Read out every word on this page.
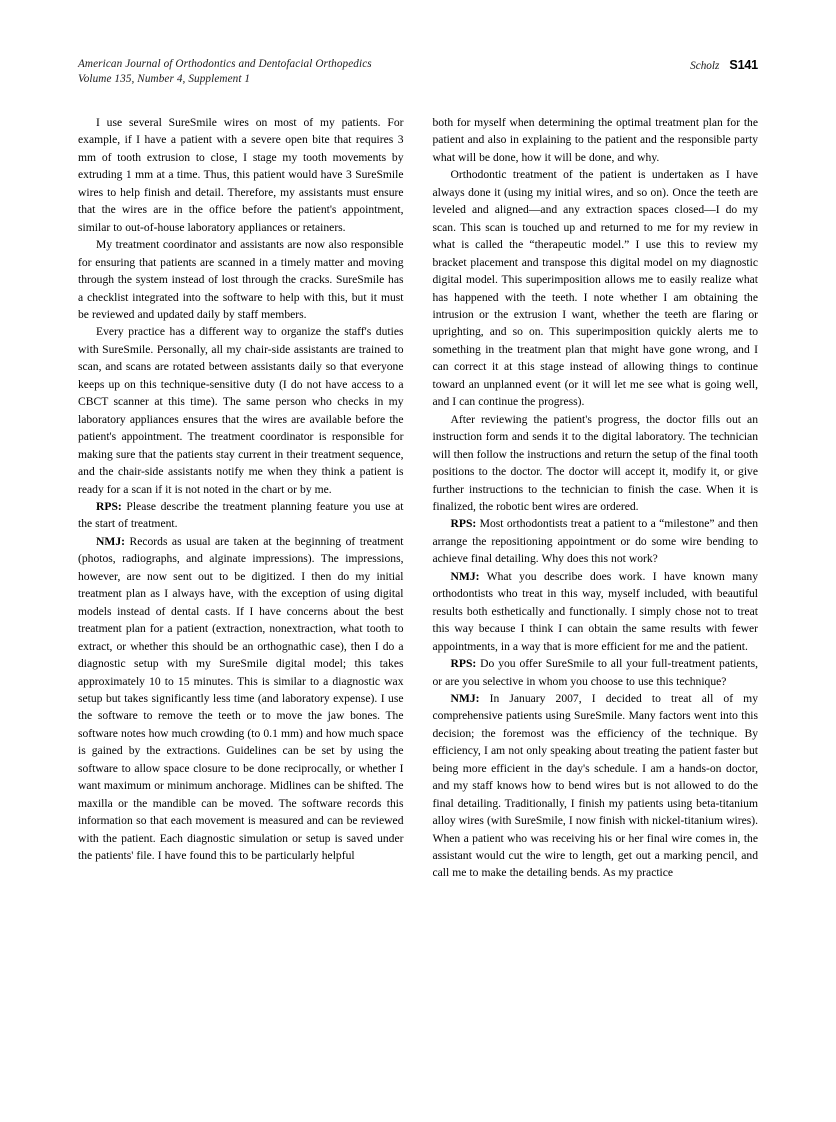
American Journal of Orthodontics and Dentofacial Orthopedics
Volume 135, Number 4, Supplement 1
Scholz S141

I use several SureSmile wires on most of my patients. For example, if I have a patient with a severe open bite that requires 3 mm of tooth extrusion to close, I stage my tooth movements by extruding 1 mm at a time. Thus, this patient would have 3 SureSmile wires to help finish and detail. Therefore, my assistants must ensure that the wires are in the office before the patient's appointment, similar to out-of-house laboratory appliances or retainers.

My treatment coordinator and assistants are now also responsible for ensuring that patients are scanned in a timely matter and moving through the system instead of lost through the cracks. SureSmile has a checklist integrated into the software to help with this, but it must be reviewed and updated daily by staff members.

Every practice has a different way to organize the staff's duties with SureSmile. Personally, all my chair-side assistants are trained to scan, and scans are rotated between assistants daily so that everyone keeps up on this technique-sensitive duty (I do not have access to a CBCT scanner at this time). The same person who checks in my laboratory appliances ensures that the wires are available before the patient's appointment. The treatment coordinator is responsible for making sure that the patients stay current in their treatment sequence, and the chair-side assistants notify me when they think a patient is ready for a scan if it is not noted in the chart or by me.

RPS: Please describe the treatment planning feature you use at the start of treatment.

NMJ: Records as usual are taken at the beginning of treatment (photos, radiographs, and alginate impressions). The impressions, however, are now sent out to be digitized. I then do my initial treatment plan as I always have, with the exception of using digital models instead of dental casts. If I have concerns about the best treatment plan for a patient (extraction, nonextraction, what tooth to extract, or whether this should be an orthognathic case), then I do a diagnostic setup with my SureSmile digital model; this takes approximately 10 to 15 minutes. This is similar to a diagnostic wax setup but takes significantly less time (and laboratory expense). I use the software to remove the teeth or to move the jaw bones. The software notes how much crowding (to 0.1 mm) and how much space is gained by the extractions. Guidelines can be set by using the software to allow space closure to be done reciprocally, or whether I want maximum or minimum anchorage. Midlines can be shifted. The maxilla or the mandible can be moved. The software records this information so that each movement is measured and can be reviewed with the patient. Each diagnostic simulation or setup is saved under the patients' file. I have found this to be particularly helpful

both for myself when determining the optimal treatment plan for the patient and also in explaining to the patient and the responsible party what will be done, how it will be done, and why.

Orthodontic treatment of the patient is undertaken as I have always done it (using my initial wires, and so on). Once the teeth are leveled and aligned—and any extraction spaces closed—I do my scan. This scan is touched up and returned to me for my review in what is called the “therapeutic model.” I use this to review my bracket placement and transpose this digital model on my diagnostic digital model. This superimposition allows me to easily realize what has happened with the teeth. I note whether I am obtaining the intrusion or the extrusion I want, whether the teeth are flaring or uprighting, and so on. This superimposition quickly alerts me to something in the treatment plan that might have gone wrong, and I can correct it at this stage instead of allowing things to continue toward an unplanned event (or it will let me see what is going well, and I can continue the progress).

After reviewing the patient's progress, the doctor fills out an instruction form and sends it to the digital laboratory. The technician will then follow the instructions and return the setup of the final tooth positions to the doctor. The doctor will accept it, modify it, or give further instructions to the technician to finish the case. When it is finalized, the robotic bent wires are ordered.

RPS: Most orthodontists treat a patient to a “milestone” and then arrange the repositioning appointment or do some wire bending to achieve final detailing. Why does this not work?

NMJ: What you describe does work. I have known many orthodontists who treat in this way, myself included, with beautiful results both esthetically and functionally. I simply chose not to treat this way because I think I can obtain the same results with fewer appointments, in a way that is more efficient for me and the patient.

RPS: Do you offer SureSmile to all your full-treatment patients, or are you selective in whom you choose to use this technique?

NMJ: In January 2007, I decided to treat all of my comprehensive patients using SureSmile. Many factors went into this decision; the foremost was the efficiency of the technique. By efficiency, I am not only speaking about treating the patient faster but being more efficient in the day's schedule. I am a hands-on doctor, and my staff knows how to bend wires but is not allowed to do the final detailing. Traditionally, I finish my patients using beta-titanium alloy wires (with SureSmile, I now finish with nickel-titanium wires). When a patient who was receiving his or her final wire comes in, the assistant would cut the wire to length, get out a marking pencil, and call me to make the detailing bends. As my practice
